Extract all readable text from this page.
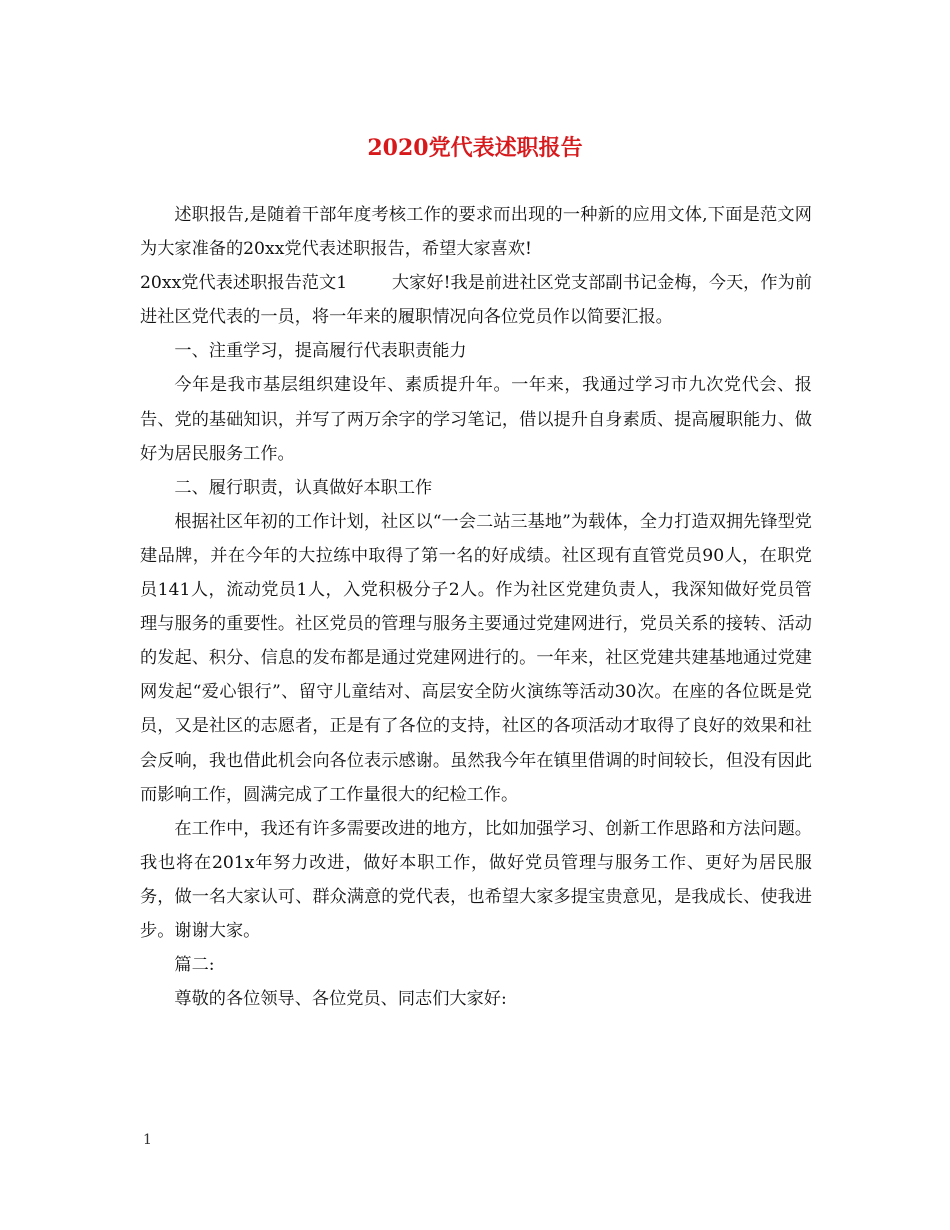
2020党代表述职报告

述职报告,是随着干部年度考核工作的要求而出现的一种新的应用文体,下面是范文网为大家准备的20xx党代表述职报告，希望大家喜欢!

20xx党代表述职报告范文1	大家好!我是前进社区党支部副书记金梅，今天，作为前进社区党代表的一员，将一年来的履职情况向各位党员作以简要汇报。

一、注重学习，提高履行代表职责能力

今年是我市基层组织建设年、素质提升年。一年来，我通过学习市九次党代会、报告、党的基础知识，并写了两万余字的学习笔记，借以提升自身素质、提高履职能力、做好为居民服务工作。

二、履行职责，认真做好本职工作

根据社区年初的工作计划，社区以“一会二站三基地”为载体，全力打造双拥先锋型党建品牌，并在今年的大拉练中取得了第一名的好成绩。社区现有直管党员90人，在职党员141人，流动党员1人，入党积极分子2人。作为社区党建负责人，我深知做好党员管理与服务的重要性。社区党员的管理与服务主要通过党建网进行，党员关系的接转、活动的发起、积分、信息的发布都是通过党建网进行的。一年来，社区党建共建基地通过党建网发起“爱心银行”、留守儿童结对、高层安全防火演练等活动30次。在座的各位既是党员，又是社区的志愿者，正是有了各位的支持，社区的各项活动才取得了良好的效果和社会反响，我也借此机会向各位表示感谢。虽然我今年在镇里借调的时间较长，但没有因此而影响工作，圆满完成了工作量很大的纪检工作。

在工作中，我还有许多需要改进的地方，比如加强学习、创新工作思路和方法问题。我也将在201x年努力改进，做好本职工作，做好党员管理与服务工作、更好为居民服务，做一名大家认可、群众满意的党代表，也希望大家多提宝贵意见，是我成长、使我进步。谢谢大家。

篇二:

尊敬的各位领导、各位党员、同志们大家好:

1
